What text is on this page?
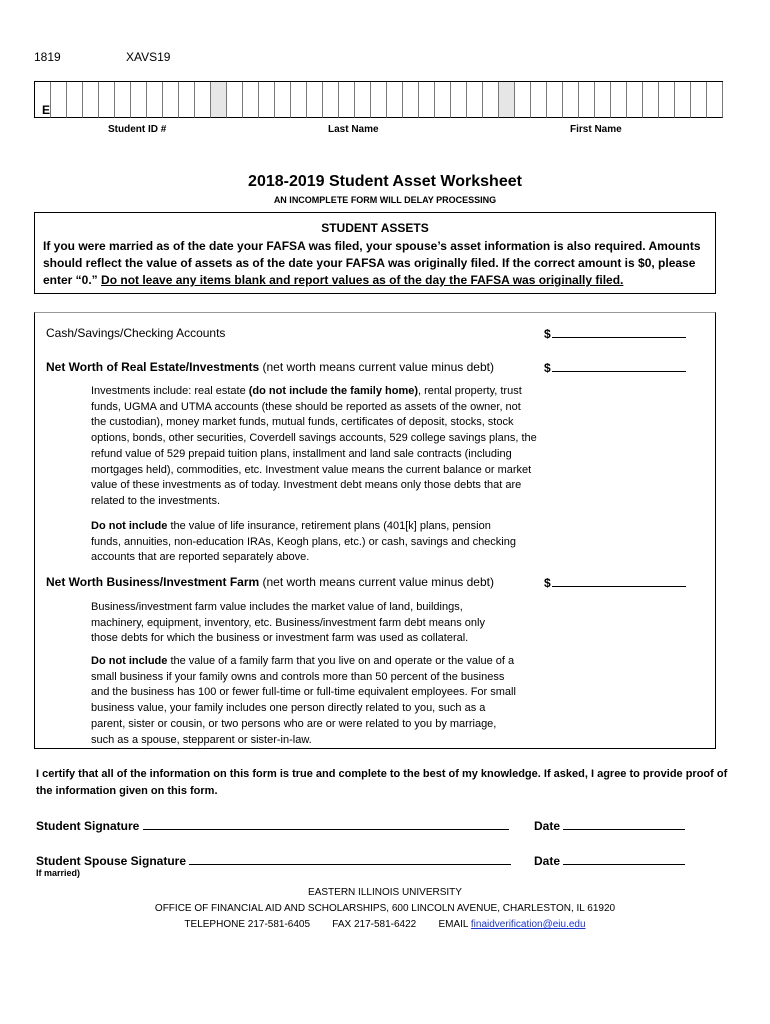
1819	XAVS19
E
Student ID #	Last Name	First Name
2018-2019 Student Asset Worksheet
AN INCOMPLETE FORM WILL DELAY PROCESSING
STUDENT ASSETS
If you were married as of the date your FAFSA was filed, your spouse’s asset information is also required. Amounts should reflect the value of assets as of the date your FAFSA was originally filed. If the correct amount is $0, please enter “0.” Do not leave any items blank and report values as of the day the FAFSA was originally filed.
Cash/Savings/Checking Accounts	$
Net Worth of Real Estate/Investments (net worth means current value minus debt)	$
Investments include: real estate (do not include the family home), rental property, trust funds, UGMA and UTMA accounts (these should be reported as assets of the owner, not the custodian), money market funds, mutual funds, certificates of deposit, stocks, stock options, bonds, other securities, Coverdell savings accounts, 529 college savings plans, the refund value of 529 prepaid tuition plans, installment and land sale contracts (including mortgages held), commodities, etc. Investment value means the current balance or market value of these investments as of today. Investment debt means only those debts that are related to the investments.
Do not include the value of life insurance, retirement plans (401[k] plans, pension funds, annuities, non-education IRAs, Keogh plans, etc.) or cash, savings and checking accounts that are reported separately above.
Net Worth Business/Investment Farm (net worth means current value minus debt)	$
Business/investment farm value includes the market value of land, buildings, machinery, equipment, inventory, etc. Business/investment farm debt means only those debts for which the business or investment farm was used as collateral.
Do not include the value of a family farm that you live on and operate or the value of a small business if your family owns and controls more than 50 percent of the business and the business has 100 or fewer full-time or full-time equivalent employees. For small business value, your family includes one person directly related to you, such as a parent, sister or cousin, or two persons who are or were related to you by marriage, such as a spouse, stepparent or sister-in-law.
I certify that all of the information on this form is true and complete to the best of my knowledge. If asked, I agree to provide proof of the information given on this form.
Student Signature	Date
Student Spouse Signature	Date
If married)
EASTERN ILLINOIS UNIVERSITY
OFFICE OF FINANCIAL AID AND SCHOLARSHIPS, 600 LINCOLN AVENUE, CHARLESTON, IL 61920
TELEPHONE 217-581-6405 FAX 217-581-6422 EMAIL finaidverification@eiu.edu
